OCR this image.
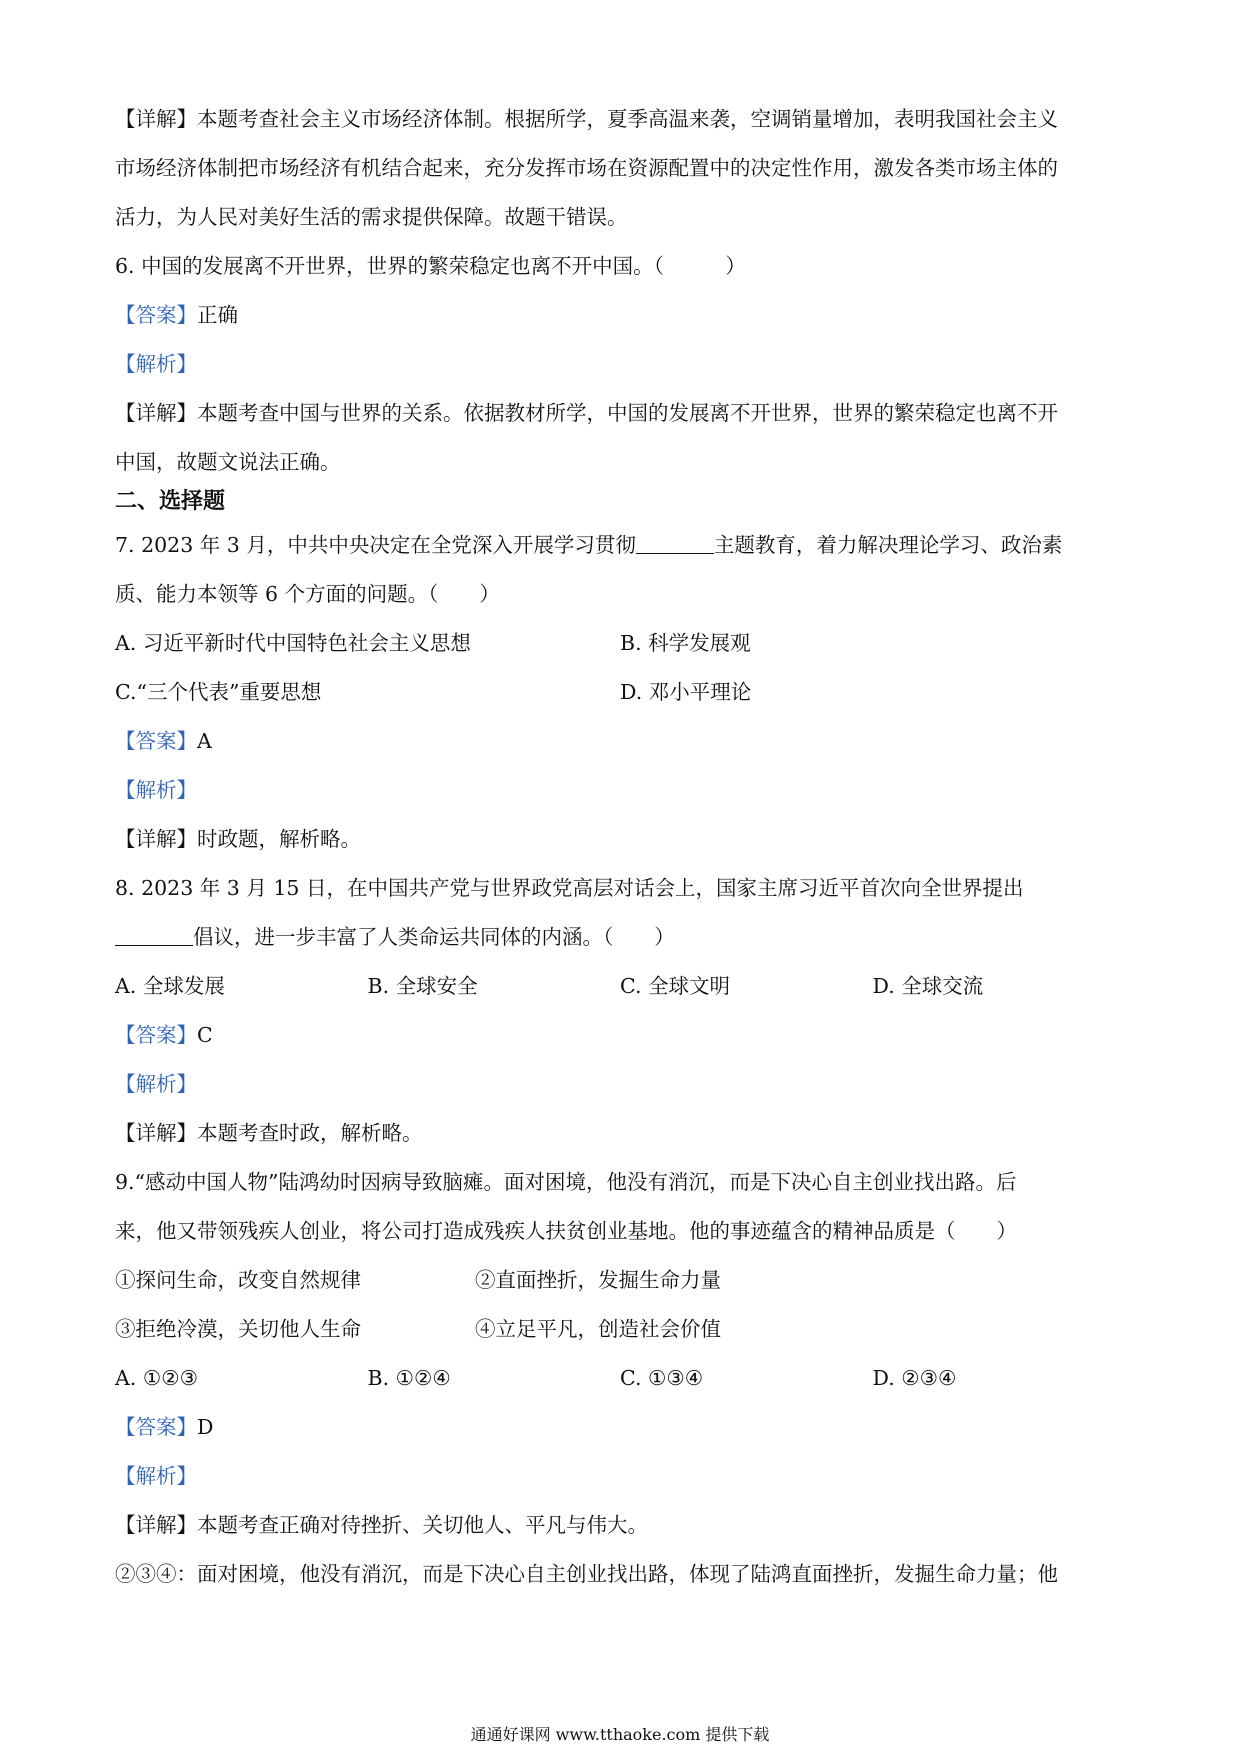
【详解】本题考查社会主义市场经济体制。根据所学，夏季高温来袭，空调销量增加，表明我国社会主义
市场经济体制把市场经济有机结合起来，充分发挥市场在资源配置中的决定性作用，激发各类市场主体的
活力，为人民对美好生活的需求提供保障。故题干错误。
6. 中国的发展离不开世界，世界的繁荣稳定也离不开中国。（　　　）
【答案】正确
【解析】
【详解】本题考查中国与世界的关系。依据教材所学，中国的发展离不开世界，世界的繁荣稳定也离不开
中国，故题文说法正确。
二、选择题
7. 2023 年 3 月，中共中央决定在全党深入开展学习贯彻	主题教育，着力解决理论学习、政治素
质、能力本领等 6 个方面的问题。（　　）
A. 习近平新时代中国特色社会主义思想	B. 科学发展观
C.“三个代表”重要思想	D. 邓小平理论
【答案】A
【解析】
【详解】时政题，解析略。
8. 2023 年 3 月 15 日，在中国共产党与世界政党高层对话会上，国家主席习近平首次向全世界提出
倡议，进一步丰富了人类命运共同体的内涵。（　　）
A. 全球发展	B. 全球安全	C. 全球文明	D. 全球交流
【答案】C
【解析】
【详解】本题考查时政，解析略。
9.“感动中国人物”陆鸿幼时因病导致脑瘫。面对困境，他没有消沉，而是下决心自主创业找出路。后
来，他又带领残疾人创业，将公司打造成残疾人扶贫创业基地。他的事迹蕴含的精神品质是（　　）
①探问生命，改变自然规律	②直面挫折，发掘生命力量
③拒绝冷漠，关切他人生命	④立足平凡，创造社会价值
A. ①②③	B. ①②④	C. ①③④	D. ②③④
【答案】D
【解析】
【详解】本题考查正确对待挫折、关切他人、平凡与伟大。
②③④：面对困境，他没有消沉，而是下决心自主创业找出路，体现了陆鸿直面挫折，发掘生命力量；他
通通好课网 www.tthaoke.com 提供下载
